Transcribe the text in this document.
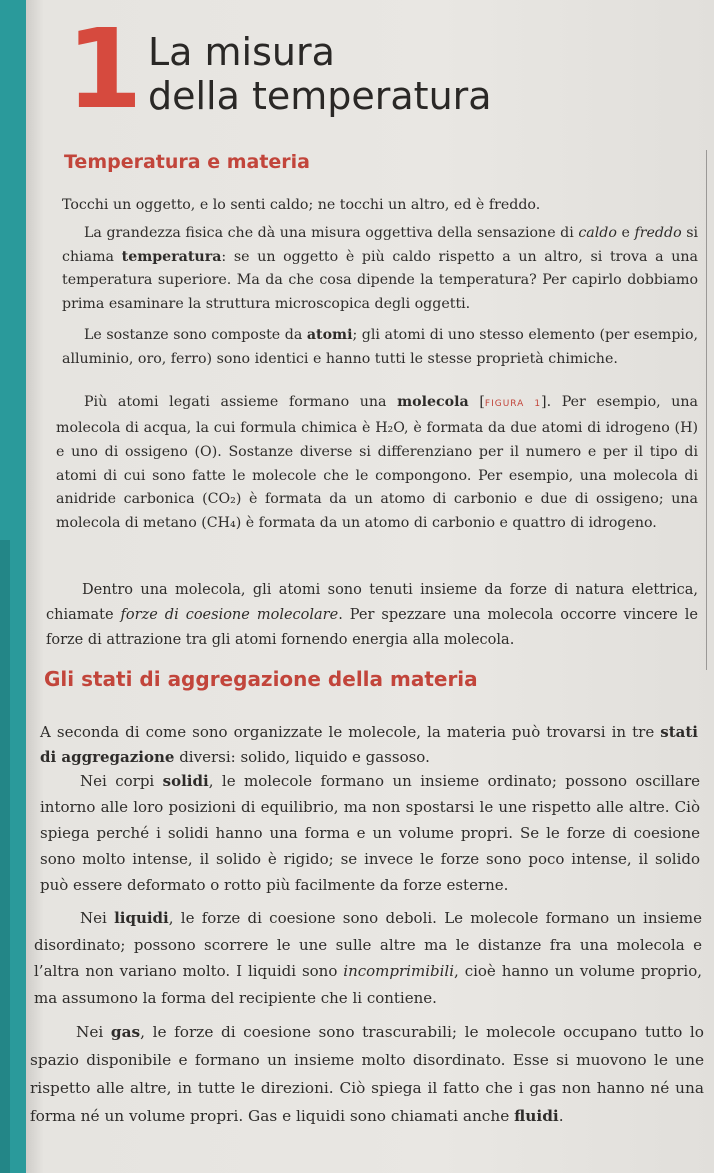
1 La misura
della temperatura
Temperatura e materia

Tocchi un oggetto, e lo senti caldo; ne tocchi un altro, ed è freddo.

La grandezza fisica che dà una misura oggettiva della sensazione di caldo e freddo si chiama temperatura: se un oggetto è più caldo rispetto a un altro, si trova a una temperatura superiore. Ma da che cosa dipende la temperatura? Per capirlo dobbiamo prima esaminare la struttura microscopica degli oggetti.

Le sostanze sono composte da atomi; gli atomi di uno stesso elemento (per esempio, alluminio, oro, ferro) sono identici e hanno tutti le stesse proprietà chimiche.

Più atomi legati assieme formano una molecola [FIGURA 1]. Per esempio, una molecola di acqua, la cui formula chimica è H₂O, è formata da due atomi di idrogeno (H) e uno di ossigeno (O). Sostanze diverse si differenziano per il numero e per il tipo di atomi di cui sono fatte le molecole che le compongono. Per esempio, una molecola di anidride carbonica (CO₂) è formata da un atomo di carbonio e due di ossigeno; una molecola di metano (CH₄) è formata da un atomo di carbonio e quattro di idrogeno.

Dentro una molecola, gli atomi sono tenuti insieme da forze di natura elettrica, chiamate forze di coesione molecolare. Per spezzare una molecola occorre vincere le forze di attrazione tra gli atomi fornendo energia alla molecola.

Gli stati di aggregazione della materia

A seconda di come sono organizzate le molecole, la materia può trovarsi in tre stati di aggregazione diversi: solido, liquido e gassoso.

Nei corpi solidi, le molecole formano un insieme ordinato; possono oscillare intorno alle loro posizioni di equilibrio, ma non spostarsi le une rispetto alle altre. Ciò spiega perché i solidi hanno una forma e un volume propri. Se le forze di coesione sono molto intense, il solido è rigido; se invece le forze sono poco intense, il solido può essere deformato o rotto più facilmente da forze esterne.

Nei liquidi, le forze di coesione sono deboli. Le molecole formano un insieme disordinato; possono scorrere le une sulle altre ma le distanze fra una molecola e l’altra non variano molto. I liquidi sono incomprimibili, cioè hanno un volume proprio, ma assumono la forma del recipiente che li contiene.

Nei gas, le forze di coesione sono trascurabili; le molecole occupano tutto lo spazio disponibile e formano un insieme molto disordinato. Esse si muovono le une rispetto alle altre, in tutte le direzioni. Ciò spiega il fatto che i gas non hanno né una forma né un volume propri. Gas e liquidi sono chiamati anche fluidi.
